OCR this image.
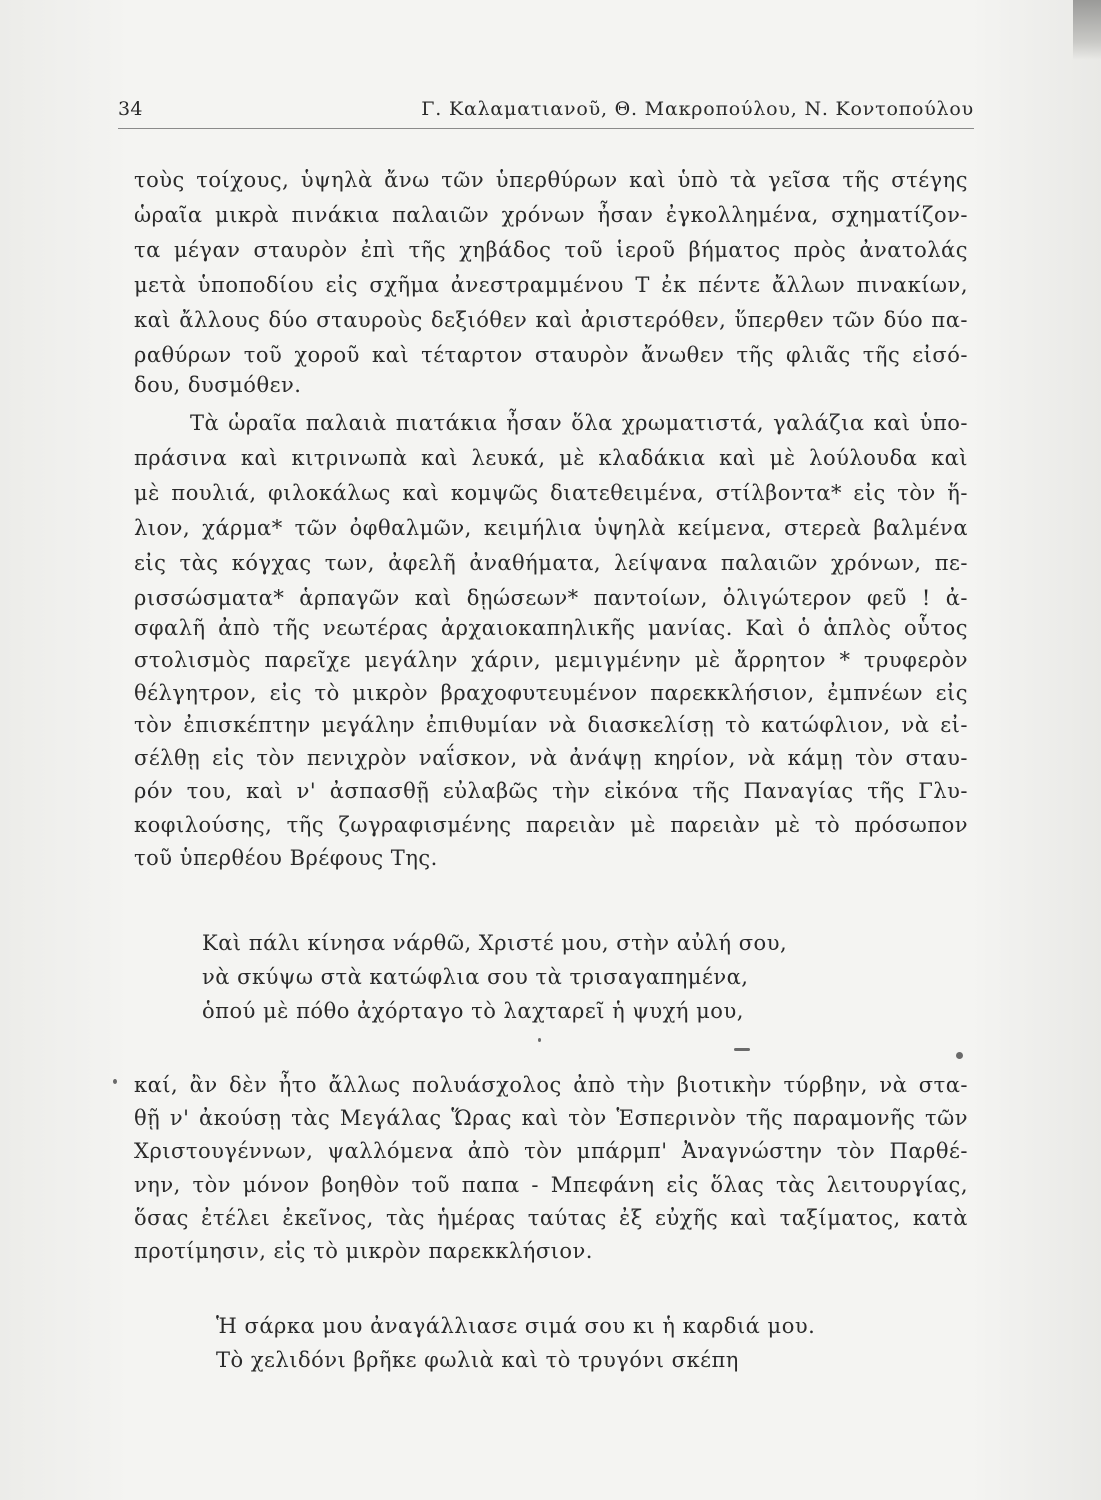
34	Γ. Καλαματιανοῦ, Θ. Μακροπούλου, Ν. Κοντοπούλου
τοὺς τοίχους, ὑψηλὰ ἄνω τῶν ὑπερθύρων καὶ ὑπὸ τὰ γεῖσα τῆς στέγης
ὡραῖα μικρὰ πινάκια παλαιῶν χρόνων ἦσαν ἐγκολλημένα, σχηματίζον-
τα μέγαν σταυρὸν ἐπὶ τῆς χηβάδος τοῦ ἱεροῦ βήματος πρὸς ἀνατολάς
μετὰ ὑποποδίου εἰς σχῆμα ἀνεστραμμένου Τ ἐκ πέντε ἄλλων πινακίων,
καὶ ἄλλους δύο σταυροὺς δεξιόθεν καὶ ἀριστερόθεν, ὕπερθεν τῶν δύο πα-
ραθύρων τοῦ χοροῦ καὶ τέταρτον σταυρὸν ἄνωθεν τῆς φλιᾶς τῆς εἰσό-
δου, δυσμόθεν.
Τὰ ὡραῖα παλαιὰ πιατάκια ἦσαν ὅλα χρωματιστά, γαλάζια καὶ ὑπο-
πράσινα καὶ κιτρινωπὰ καὶ λευκά, μὲ κλαδάκια καὶ μὲ λούλουδα καὶ
μὲ πουλιά, φιλοκάλως καὶ κομψῶς διατεθειμένα, στίλβοντα* εἰς τὸν ἥ-
λιον, χάρμα* τῶν ὀφθαλμῶν, κειμήλια ὑψηλὰ κείμενα, στερεὰ βαλμένα
εἰς τὰς κόγχας των, ἀφελῆ ἀναθήματα, λείψανα παλαιῶν χρόνων, πε-
ρισσώσματα* ἁρπαγῶν καὶ δῃώσεων* παντοίων, ὀλιγώτερον φεῦ ! ἀ-
σφαλῆ ἀπὸ τῆς νεωτέρας ἀρχαιοκαπηλικῆς μανίας. Καὶ ὁ ἁπλὸς οὗτος
στολισμὸς παρεῖχε μεγάλην χάριν, μεμιγμένην μὲ ἄρρητον * τρυφερὸν
θέλγητρον, εἰς τὸ μικρὸν βραχοφυτευμένον παρεκκλήσιον, ἐμπνέων εἰς
τὸν ἐπισκέπτην μεγάλην ἐπιθυμίαν νὰ διασκελίσῃ τὸ κατώφλιον, νὰ εἰ-
σέλθῃ εἰς τὸν πενιχρὸν ναΐσκον, νὰ ἀνάψῃ κηρίον, νὰ κάμῃ τὸν σταυ-
ρόν του, καὶ ν' ἀσπασθῇ εὐλαβῶς τὴν εἰκόνα τῆς Παναγίας τῆς Γλυ-
κοφιλούσης, τῆς ζωγραφισμένης παρειὰν μὲ παρειὰν μὲ τὸ πρόσωπον
τοῦ ὑπερθέου Βρέφους Της.
Καὶ πάλι κίνησα νάρθῶ, Χριστέ μου, στὴν αὐλή σου,
νὰ σκύψω στὰ κατώφλια σου τὰ τρισαγαπημένα,
ὁπού μὲ πόθο ἀχόρταγο τὸ λαχταρεῖ ἡ ψυχή μου,
καί, ἂν δὲν ἦτο ἄλλως πολυάσχολος ἀπὸ τὴν βιοτικὴν τύρβην, νὰ στα-
θῇ ν' ἀκούσῃ τὰς Μεγάλας Ὥρας καὶ τὸν Ἑσπερινὸν τῆς παραμονῆς τῶν
Χριστουγέννων, ψαλλόμενα ἀπὸ τὸν μπάρμπ' Ἀναγνώστην τὸν Παρθέ-
νην, τὸν μόνον βοηθὸν τοῦ παπα - Μπεφάνη εἰς ὅλας τὰς λειτουργίας,
ὅσας ἐτέλει ἐκεῖνος, τὰς ἡμέρας ταύτας ἐξ εὐχῆς καὶ ταξίματος, κατὰ
προτίμησιν, εἰς τὸ μικρὸν παρεκκλήσιον.
Ἡ σάρκα μου ἀναγάλλιασε σιμά σου κι ἡ καρδιά μου.
Τὸ χελιδόνι βρῆκε φωλιὰ καὶ τὸ τρυγόνι σκέπη
